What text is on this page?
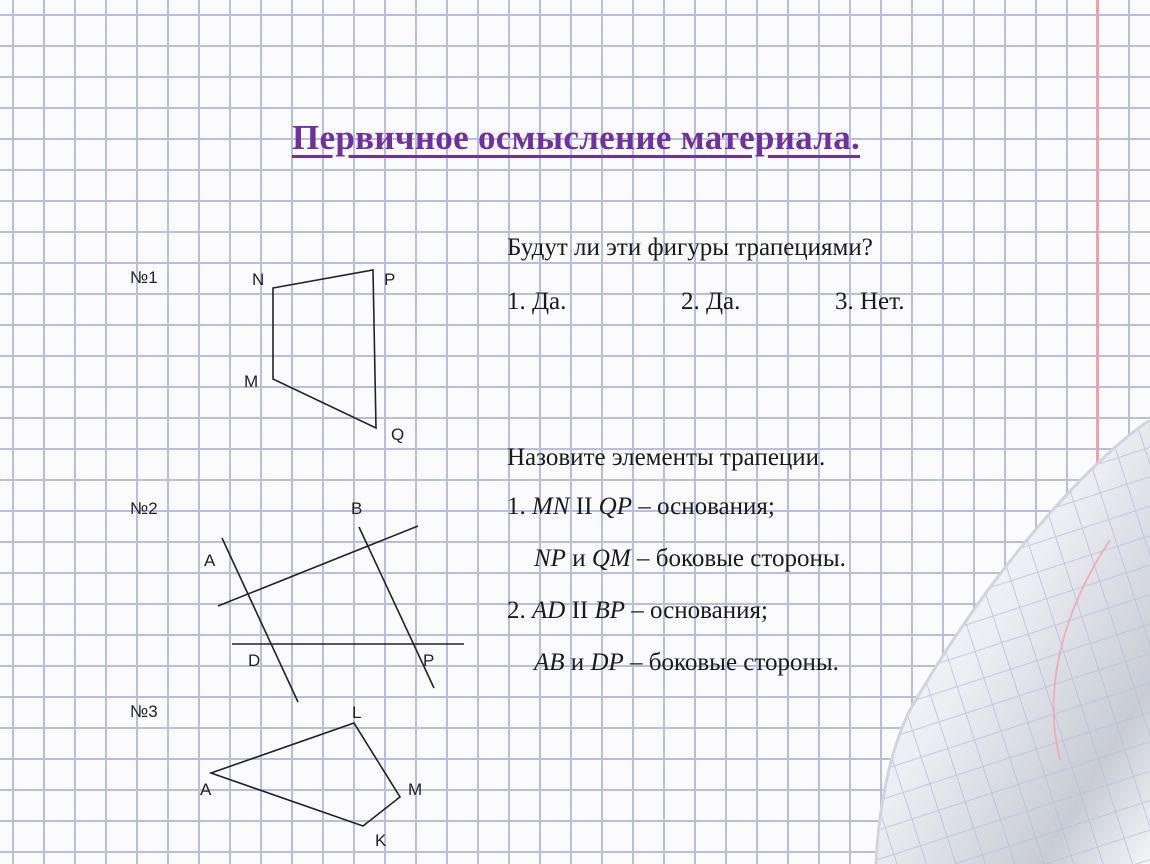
Первичное осмысление материала.
Будут ли эти фигуры трапециями?
1. Да.	2. Да.	3. Нет.
Назовите элементы трапеции.
1. MN II QP – основания;
NP и QM – боковые стороны.
2. AD II BP – основания;
AB и DP – боковые стороны.
№1
№2
№3
N	P
M
Q
A
B
D	P
L
A	M
K
